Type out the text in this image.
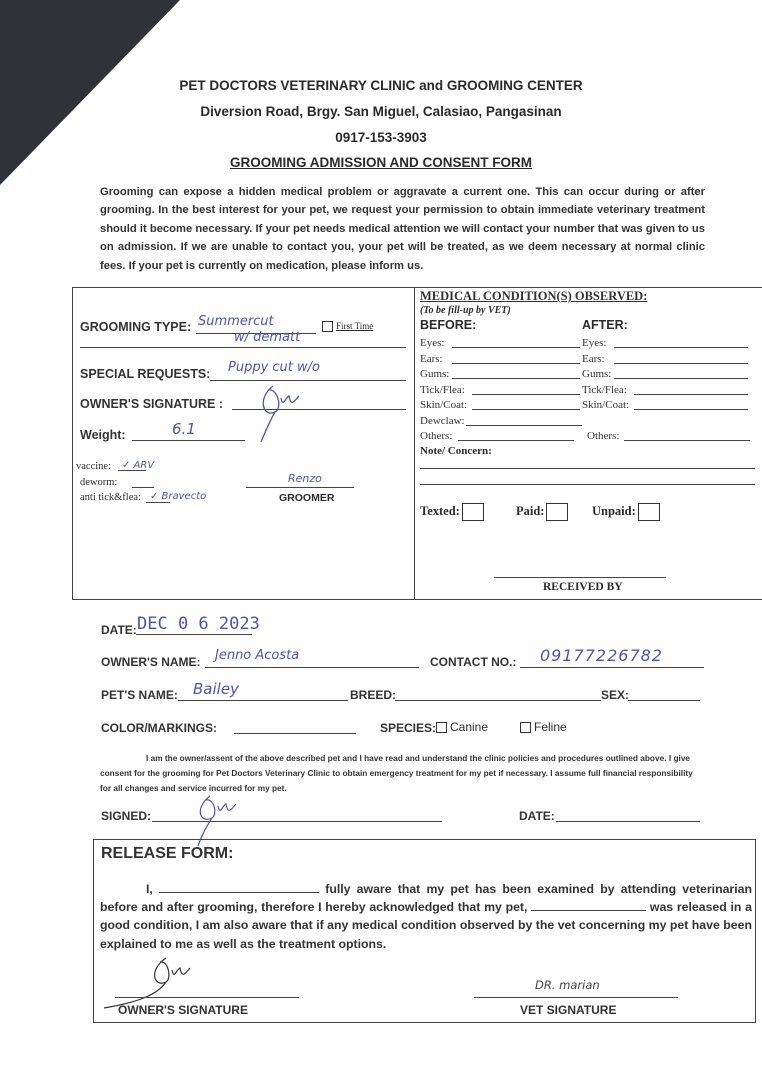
PET DOCTORS VETERINARY CLINIC and GROOMING CENTER
Diversion Road, Brgy. San Miguel, Calasiao, Pangasinan
0917-153-3903
GROOMING ADMISSION AND CONSENT FORM
Grooming can expose a hidden medical problem or aggravate a current one. This can occur during or after grooming. In the best interest for your pet, we request your permission to obtain immediate veterinary treatment should it become necessary. If your pet needs medical attention we will contact your number that was given to us on admission. If we are unable to contact you, your pet will be treated, as we deem necessary at normal clinic fees. If your pet is currently on medication, please inform us.
GROOMING TYPE: Summercut	First Time
w/ dematt
SPECIAL REQUESTS: Puppy cut w/o
OWNER'S SIGNATURE :
Weight:	6.1
vaccine: ✓ ARV
deworm:
anti tick&flea: ✓ Bravecto
Renzo
GROOMER
MEDICAL CONDITION(S) OBSERVED:
(To be fill-up by VET)
BEFORE:	AFTER:
Eyes:	Eyes:
Ears:	Ears:
Gums:	Gums:
Tick/Flea:	Tick/Flea:
Skin/Coat:	Skin/Coat:
Dewclaw:
Others:	Others:
Note/ Concern:
Texted:	Paid:	Unpaid:
RECEIVED BY
DATE: DEC 0 6 2023
OWNER'S NAME: Jenno Acosta	CONTACT NO.: 09177226782
PET'S NAME: Bailey	BREED:	SEX:
COLOR/MARKINGS:	SPECIES:	Canine	Feline
I am the owner/assent of the above described pet and I have read and understand the clinic policies and procedures outlined above. I give consent for the grooming for Pet Doctors Veterinary Clinic to obtain emergency treatment for my pet if necessary. I assume full financial responsibility for all changes and service incurred for my pet.
SIGNED:	DATE:
RELEASE FORM:
I,	fully aware that my pet has been examined by attending veterinarian before and after grooming, therefore I hereby acknowledged that my pet,	was released in a good condition, I am also aware that if any medical condition observed by the vet concerning my pet have been explained to me as well as the treatment options.
OWNER'S SIGNATURE
DR. marian
VET SIGNATURE
